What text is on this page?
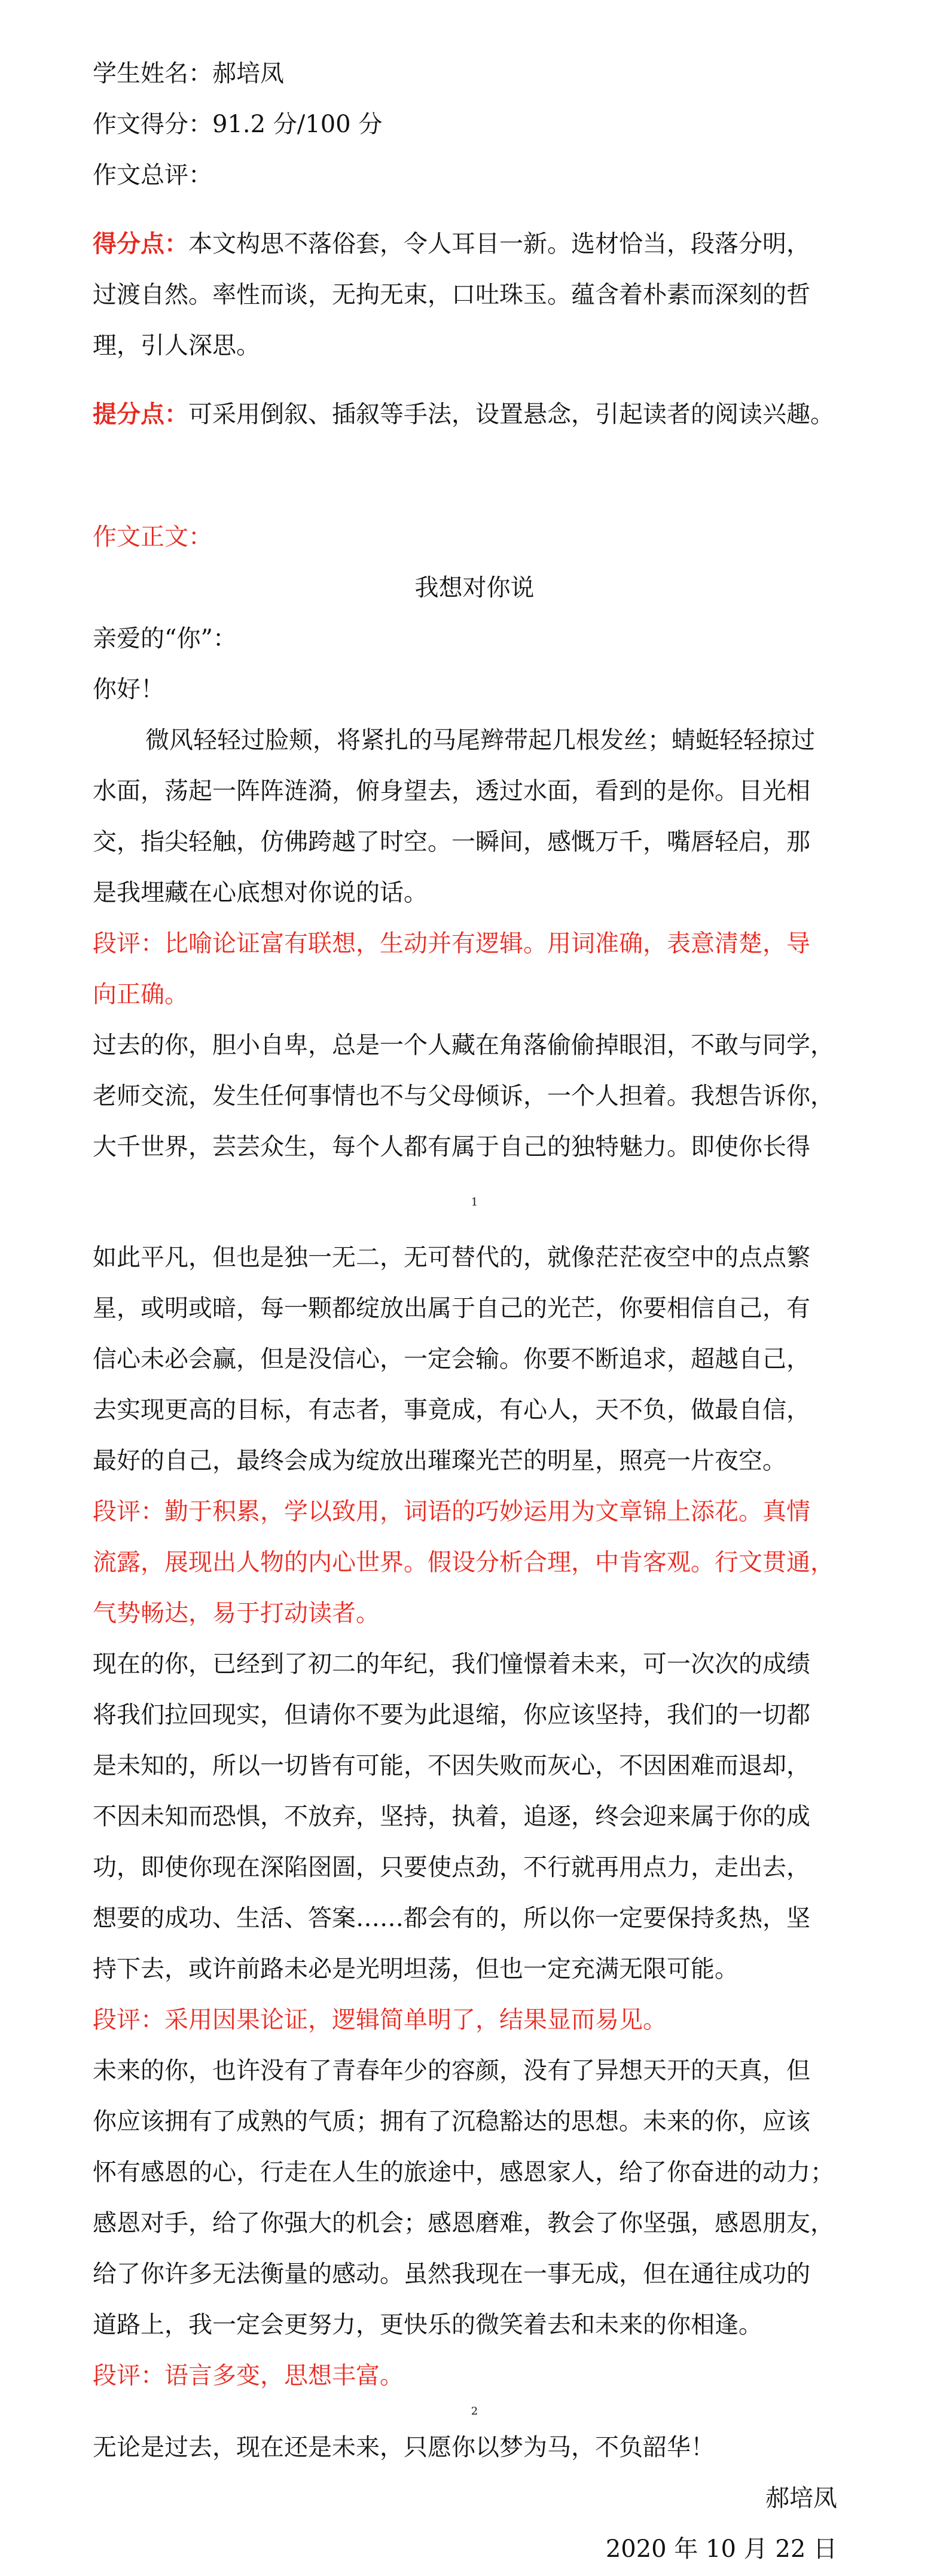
学生姓名：郝培凤

作文得分：91.2 分/100 分

作文总评：

得分点：本文构思不落俗套，令人耳目一新。选材恰当，段落分明，

过渡自然。率性而谈，无拘无束，口吐珠玉。蕴含着朴素而深刻的哲

理，引人深思。

提分点：可采用倒叙、插叙等手法，设置悬念，引起读者的阅读兴趣。

作文正文：

我想对你说

亲爱的“你”：

你好！

微风轻轻过脸颊，将紧扎的马尾辫带起几根发丝；蜻蜓轻轻掠过

水面，荡起一阵阵涟漪，俯身望去，透过水面，看到的是你。目光相

交，指尖轻触，仿佛跨越了时空。一瞬间，感慨万千，嘴唇轻启，那

是我埋藏在心底想对你说的话。

段评：比喻论证富有联想，生动并有逻辑。用词准确，表意清楚，导

向正确。

过去的你，胆小自卑，总是一个人藏在角落偷偷掉眼泪，不敢与同学，

老师交流，发生任何事情也不与父母倾诉，一个人担着。我想告诉你，

大千世界，芸芸众生，每个人都有属于自己的独特魅力。即使你长得

1

如此平凡，但也是独一无二，无可替代的，就像茫茫夜空中的点点繁

星，或明或暗，每一颗都绽放出属于自己的光芒，你要相信自己，有

信心未必会赢，但是没信心，一定会输。你要不断追求，超越自己，

去实现更高的目标，有志者，事竟成，有心人，天不负，做最自信，

最好的自己，最终会成为绽放出璀璨光芒的明星，照亮一片夜空。

段评：勤于积累，学以致用，词语的巧妙运用为文章锦上添花。真情

流露，展现出人物的内心世界。假设分析合理，中肯客观。行文贯通，

气势畅达，易于打动读者。

现在的你，已经到了初二的年纪，我们憧憬着未来，可一次次的成绩

将我们拉回现实，但请你不要为此退缩，你应该坚持，我们的一切都

是未知的，所以一切皆有可能，不因失败而灰心，不因困难而退却，

不因未知而恐惧，不放弃，坚持，执着，追逐，终会迎来属于你的成

功，即使你现在深陷囹圄，只要使点劲，不行就再用点力，走出去，

想要的成功、生活、答案……都会有的，所以你一定要保持炙热，坚

持下去，或许前路未必是光明坦荡，但也一定充满无限可能。

段评：采用因果论证，逻辑简单明了，结果显而易见。

未来的你，也许没有了青春年少的容颜，没有了异想天开的天真，但

你应该拥有了成熟的气质；拥有了沉稳豁达的思想。未来的你，应该

怀有感恩的心，行走在人生的旅途中，感恩家人，给了你奋进的动力；

感恩对手，给了你强大的机会；感恩磨难，教会了你坚强，感恩朋友，

给了你许多无法衡量的感动。虽然我现在一事无成，但在通往成功的

道路上，我一定会更努力，更快乐的微笑着去和未来的你相逢。

段评：语言多变，思想丰富。

2

无论是过去，现在还是未来，只愿你以梦为马，不负韶华！

郝培凤

2020 年 10 月 22 日
